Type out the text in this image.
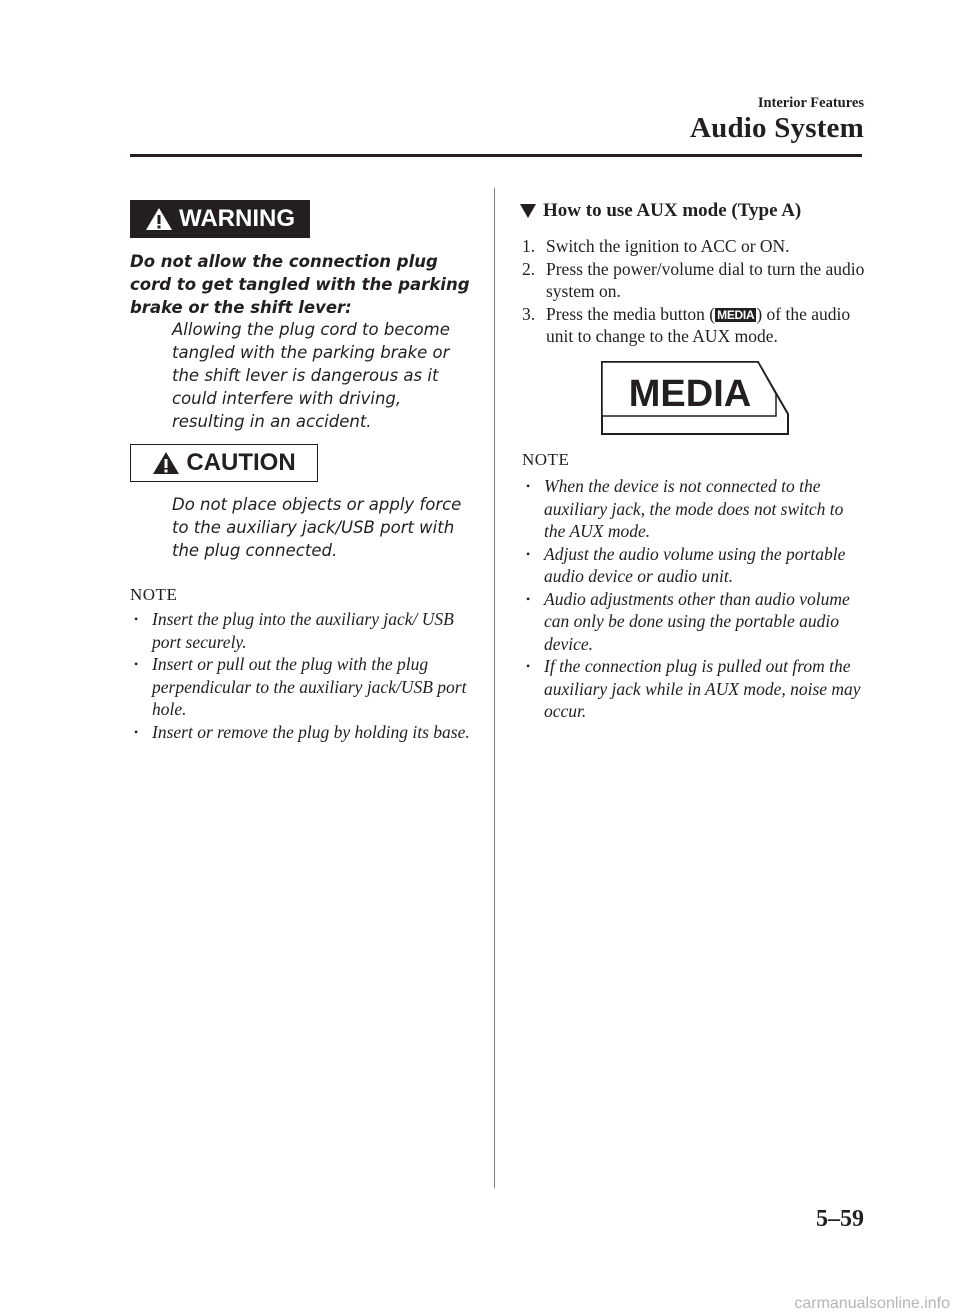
Interior Features
Audio System
WARNING
Do not allow the connection plug cord to get tangled with the parking brake or the shift lever:
Allowing the plug cord to become tangled with the parking brake or the shift lever is dangerous as it could interfere with driving, resulting in an accident.
CAUTION
Do not place objects or apply force to the auxiliary jack/USB port with the plug connected.
NOTE
• Insert the plug into the auxiliary jack/ USB port securely.
• Insert or pull out the plug with the plug perpendicular to the auxiliary jack/USB port hole.
• Insert or remove the plug by holding its base.
How to use AUX mode (Type A)
1. Switch the ignition to ACC or ON.
2. Press the power/volume dial to turn the audio system on.
3. Press the media button ( MEDIA ) of the audio unit to change to the AUX mode.
MEDIA
NOTE
• When the device is not connected to the auxiliary jack, the mode does not switch to the AUX mode.
• Adjust the audio volume using the portable audio device or audio unit.
• Audio adjustments other than audio volume can only be done using the portable audio device.
• If the connection plug is pulled out from the auxiliary jack while in AUX mode, noise may occur.
5–59
carmanualsonline.info
